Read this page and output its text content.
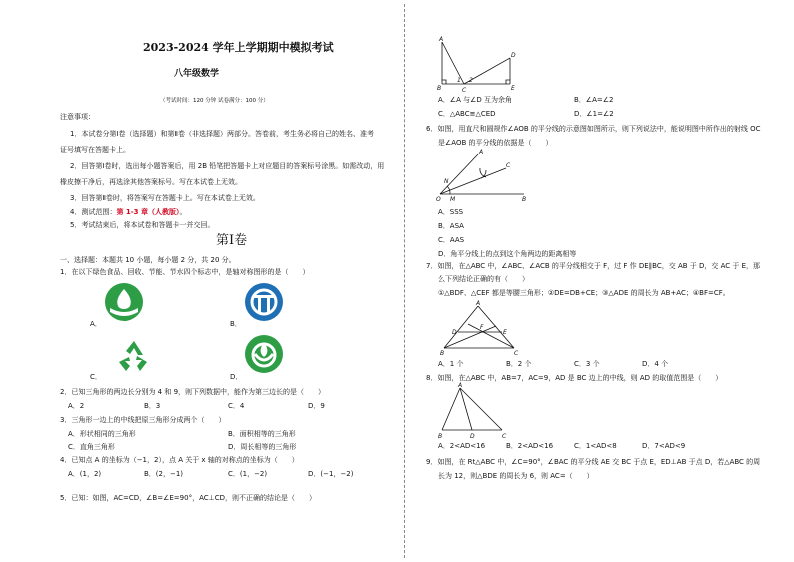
2023-2024 学年上学期期中模拟考试
八年级数学
（考试时间：120 分钟 试卷满分：100 分）
注意事项：
1．本试卷分第Ⅰ卷（选择题）和第Ⅱ卷（非选择题）两部分。答卷前，考生务必将自己的姓名、准考
证号填写在答题卡上。
2．回答第Ⅰ卷时，选出每小题答案后，用 2B 铅笔把答题卡上对应题目的答案标号涂黑。如需改动，用
橡皮擦干净后，再选涂其他答案标号。写在本试卷上无效。
3．回答第Ⅱ卷时，将答案写在答题卡上。写在本试卷上无效。
4．测试范围：第 1-3 章（人教版）。
5．考试结束后，将本试卷和答题卡一并交回。
第Ⅰ卷
一、选择题：本题共 10 小题，每小题 2 分，共 20 分。
1．在以下绿色食品、回收、节能、节水四个标志中，是轴对称图形的是（　　）
A．	B．
C．	D．
2．已知三角形的两边长分别为 4 和 9，则下列数据中，能作为第三边长的是（　　）
A．2	B．3	C．4	D．9
3．三角形一边上的中线把原三角形分成两个（　　）
A．形状相同的三角形	B．面积相等的三角形
C．直角三角形	D．周长相等的三角形
4．已知点 A 的坐标为（−1，2），点 A 关于 x 轴的对称点的坐标为（　　）
A．(1，2)	B．(2，−1)	C．(1，−2)	D．(−1，−2)
5．已知：如图，AC=CD，∠B=∠E=90°，AC⊥CD，则不正确的结论是（　　）
A
B	C
D
E
1 2
A．∠A 与∠D 互为余角	B．∠A=∠2
C．△ABC≌△CED	D．∠1=∠2
6．如图，用直尺和圆规作∠AOB 的平分线的示意图如图所示，则下列说法中，能说明图中所作出的射线 OC
是∠AOB 的平分线的依据是（　　）
O
A
B
C
N
M
A．SSS
B．ASA
C．AAS
D．角平分线上的点到这个角两边的距离相等
7．如图，在△ABC 中，∠ABC、∠ACB 的平分线相交于 F，过 F 作 DE∥BC，交 AB 于 D，交 AC 于 E，那
么下列结论正确的有（　　）
①△BDF、△CEF 都是等腰三角形；②DE=DB+CE；③△ADE 的周长为 AB+AC；④BF=CF。
A
B	C
D	E
F
A．1 个	B．2 个	C．3 个	D．4 个
8．如图，在△ABC 中，AB=7，AC=9，AD 是 BC 边上的中线，则 AD 的取值范围是（　　）
A
B	C
D
A．2<AD<16	B．2<AD<16	C．1<AD<8	D．7<AD<9
9．如图，在 Rt△ABC 中，∠C=90°，∠BAC 的平分线 AE 交 BC 于点 E，ED⊥AB 于点 D，若△ABC 的周
长为 12，则△BDE 的周长为 6，则 AC=（　　）
